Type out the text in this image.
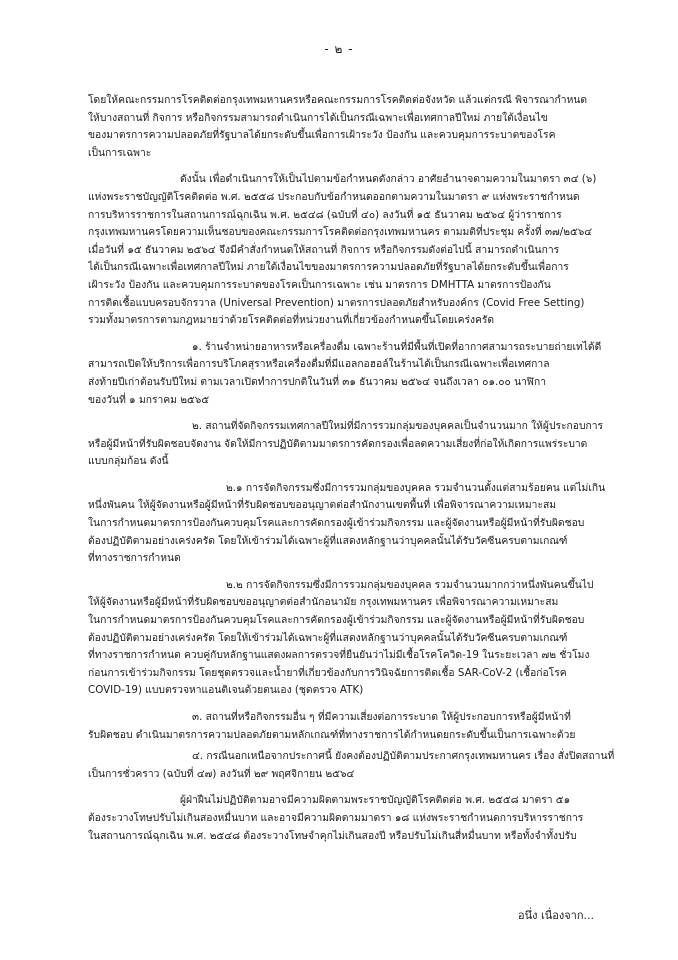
- ๒ -
โดยให้คณะกรรมการโรคติดต่อกรุงเทพมหานครหรือคณะกรรมการโรคติดต่อจังหวัด แล้วแต่กรณี พิจารณากำหนด
ให้บางสถานที่ กิจการ หรือกิจกรรมสามารถดำเนินการได้เป็นกรณีเฉพาะเพื่อเทศกาลปีใหม่ ภายใต้เงื่อนไข
ของมาตรการความปลอดภัยที่รัฐบาลได้ยกระดับขึ้นเพื่อการเฝ้าระวัง ป้องกัน และควบคุมการระบาดของโรค
เป็นการเฉพาะ
ดังนั้น เพื่อดำเนินการให้เป็นไปตามข้อกำหนดดังกล่าว อาศัยอำนาจตามความในมาตรา ๓๔ (๖)
แห่งพระราชบัญญัติโรคติดต่อ พ.ศ. ๒๕๕๘ ประกอบกับข้อกำหนดออกตามความในมาตรา ๙ แห่งพระราชกำหนด
การบริหารราชการในสถานการณ์ฉุกเฉิน พ.ศ. ๒๕๔๘ (ฉบับที่ ๔๐) ลงวันที่ ๑๕ ธันวาคม ๒๕๖๔ ผู้ว่าราชการ
กรุงเทพมหานครโดยความเห็นชอบของคณะกรรมการโรคติดต่อกรุงเทพมหานคร ตามมติที่ประชุม ครั้งที่ ๓๗/๒๕๖๔
เมื่อวันที่ ๑๕ ธันวาคม ๒๕๖๔ จึงมีคำสั่งกำหนดให้สถานที่ กิจการ หรือกิจกรรมดังต่อไปนี้ สามารถดำเนินการ
ได้เป็นกรณีเฉพาะเพื่อเทศกาลปีใหม่ ภายใต้เงื่อนไขของมาตรการความปลอดภัยที่รัฐบาลได้ยกระดับขึ้นเพื่อการ
เฝ้าระวัง ป้องกัน และควบคุมการระบาดของโรคเป็นการเฉพาะ เช่น มาตรการ DMHTTA มาตรการป้องกัน
การติดเชื้อแบบครอบจักรวาล (Universal Prevention) มาตรการปลอดภัยสำหรับองค์กร (Covid Free Setting)
รวมทั้งมาตรการตามกฎหมายว่าด้วยโรคติดต่อที่หน่วยงานที่เกี่ยวข้องกำหนดขึ้นโดยเคร่งครัด
๑. ร้านจำหน่ายอาหารหรือเครื่องดื่ม เฉพาะร้านที่มีพื้นที่เปิดที่อากาศสามารถระบายถ่ายเทได้ดี
สามารถเปิดให้บริการเพื่อการบริโภคสุราหรือเครื่องดื่มที่มีแอลกอฮอล์ในร้านได้เป็นกรณีเฉพาะเพื่อเทศกาล
ส่งท้ายปีเก่าต้อนรับปีใหม่ ตามเวลาเปิดทำการปกติในวันที่ ๓๑ ธันวาคม ๒๕๖๔ จนถึงเวลา ๐๑.๐๐ นาฬิกา
ของวันที่ ๑ มกราคม ๒๕๖๕
๒. สถานที่จัดกิจกรรมเทศกาลปีใหม่ที่มีการรวมกลุ่มของบุคคลเป็นจำนวนมาก ให้ผู้ประกอบการ
หรือผู้มีหน้าที่รับผิดชอบจัดงาน จัดให้มีการปฏิบัติตามมาตรการคัดกรองเพื่อลดความเสี่ยงที่ก่อให้เกิดการแพร่ระบาด
แบบกลุ่มก้อน ดังนี้
๒.๑ การจัดกิจกรรมซึ่งมีการรวมกลุ่มของบุคคล รวมจำนวนตั้งแต่สามร้อยคน แต่ไม่เกิน
หนึ่งพันคน ให้ผู้จัดงานหรือผู้มีหน้าที่รับผิดชอบขออนุญาตต่อสำนักงานเขตพื้นที่ เพื่อพิจารณาความเหมาะสม
ในการกำหนดมาตรการป้องกันควบคุมโรคและการคัดกรองผู้เข้าร่วมกิจกรรม และผู้จัดงานหรือผู้มีหน้าที่รับผิดชอบ
ต้องปฏิบัติตามอย่างเคร่งครัด โดยให้เข้าร่วมได้เฉพาะผู้ที่แสดงหลักฐานว่าบุคคลนั้นได้รับวัคซีนครบตามเกณฑ์
ที่ทางราชการกำหนด
๒.๒ การจัดกิจกรรมซึ่งมีการรวมกลุ่มของบุคคล รวมจำนวนมากกว่าหนึ่งพันคนขึ้นไป
ให้ผู้จัดงานหรือผู้มีหน้าที่รับผิดชอบขออนุญาตต่อสำนักอนามัย กรุงเทพมหานคร เพื่อพิจารณาความเหมาะสม
ในการกำหนดมาตรการป้องกันควบคุมโรคและการคัดกรองผู้เข้าร่วมกิจกรรม และผู้จัดงานหรือผู้มีหน้าที่รับผิดชอบ
ต้องปฏิบัติตามอย่างเคร่งครัด โดยให้เข้าร่วมได้เฉพาะผู้ที่แสดงหลักฐานว่าบุคคลนั้นได้รับวัคซีนครบตามเกณฑ์
ที่ทางราชการกำหนด ควบคู่กับหลักฐานแสดงผลการตรวจที่ยืนยันว่าไม่มีเชื้อโรคโควิด-19 ในระยะเวลา ๗๒ ชั่วโมง
ก่อนการเข้าร่วมกิจกรรม โดยชุดตรวจและน้ำยาที่เกี่ยวข้องกับการวินิจฉัยการติดเชื้อ SAR-CoV-2 (เชื้อก่อโรค
COVID-19) แบบตรวจหาแอนติเจนด้วยตนเอง (ชุดตรวจ ATK)
๓. สถานที่หรือกิจกรรมอื่น ๆ ที่มีความเสี่ยงต่อการระบาด ให้ผู้ประกอบการหรือผู้มีหน้าที่
รับผิดชอบ ดำเนินมาตรการความปลอดภัยตามหลักเกณฑ์ที่ทางราชการได้กำหนดยกระดับขึ้นเป็นการเฉพาะด้วย
๔. กรณีนอกเหนือจากประกาศนี้ ยังคงต้องปฏิบัติตามประกาศกรุงเทพมหานคร เรื่อง สั่งปิดสถานที่
เป็นการชั่วคราว (ฉบับที่ ๔๗) ลงวันที่ ๒๙ พฤศจิกายน ๒๕๖๔
ผู้ฝ่าฝืนไม่ปฏิบัติตามอาจมีความผิดตามพระราชบัญญัติโรคติดต่อ พ.ศ. ๒๕๕๘ มาตรา ๕๑
ต้องระวางโทษปรับไม่เกินสองหมื่นบาท และอาจมีความผิดตามมาตรา ๑๘ แห่งพระราชกำหนดการบริหารราชการ
ในสถานการณ์ฉุกเฉิน พ.ศ. ๒๕๔๘ ต้องระวางโทษจำคุกไม่เกินสองปี หรือปรับไม่เกินสี่หมื่นบาท หรือทั้งจำทั้งปรับ
อนึ่ง เนื่องจาก...
